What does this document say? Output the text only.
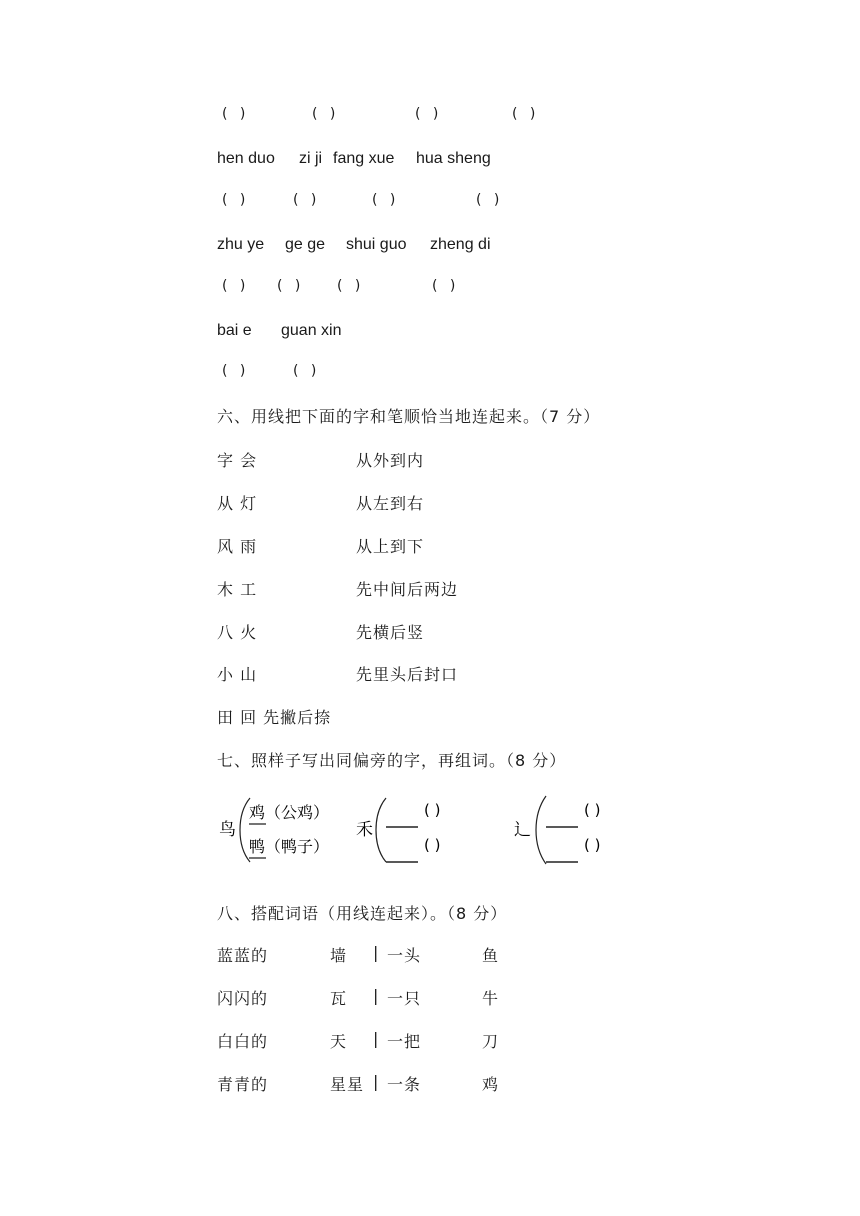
( )	( )	( )	( )
hen duo zi ji fang xue hua sheng
( )	( )	( )	( )
zhu ye ge ge shui guo zheng di
( ) ( ) ( )	( )
bai e guan xin
( )	( )
六、用线把下面的字和笔顺恰当地连起来。（7 分）
字 会	从外到内
从 灯	从左到右
风 雨	从上到下
木 工	先中间后两边
八 火	先横后竖
小 山	先里头后封口
田 回 先撇后捺
七、照样子写出同偏旁的字，再组词。（8 分）
鸟
鸡（公鸡）
鸭（鸭子）
禾
( )
( )
辶
( )
( )
八、搭配词语（用线连起来）。（8 分）
蓝蓝的	墙 | 一头	鱼
闪闪的	瓦 | 一只	牛
白白的	天 | 一把	刀
青青的	星星 | 一条	鸡
